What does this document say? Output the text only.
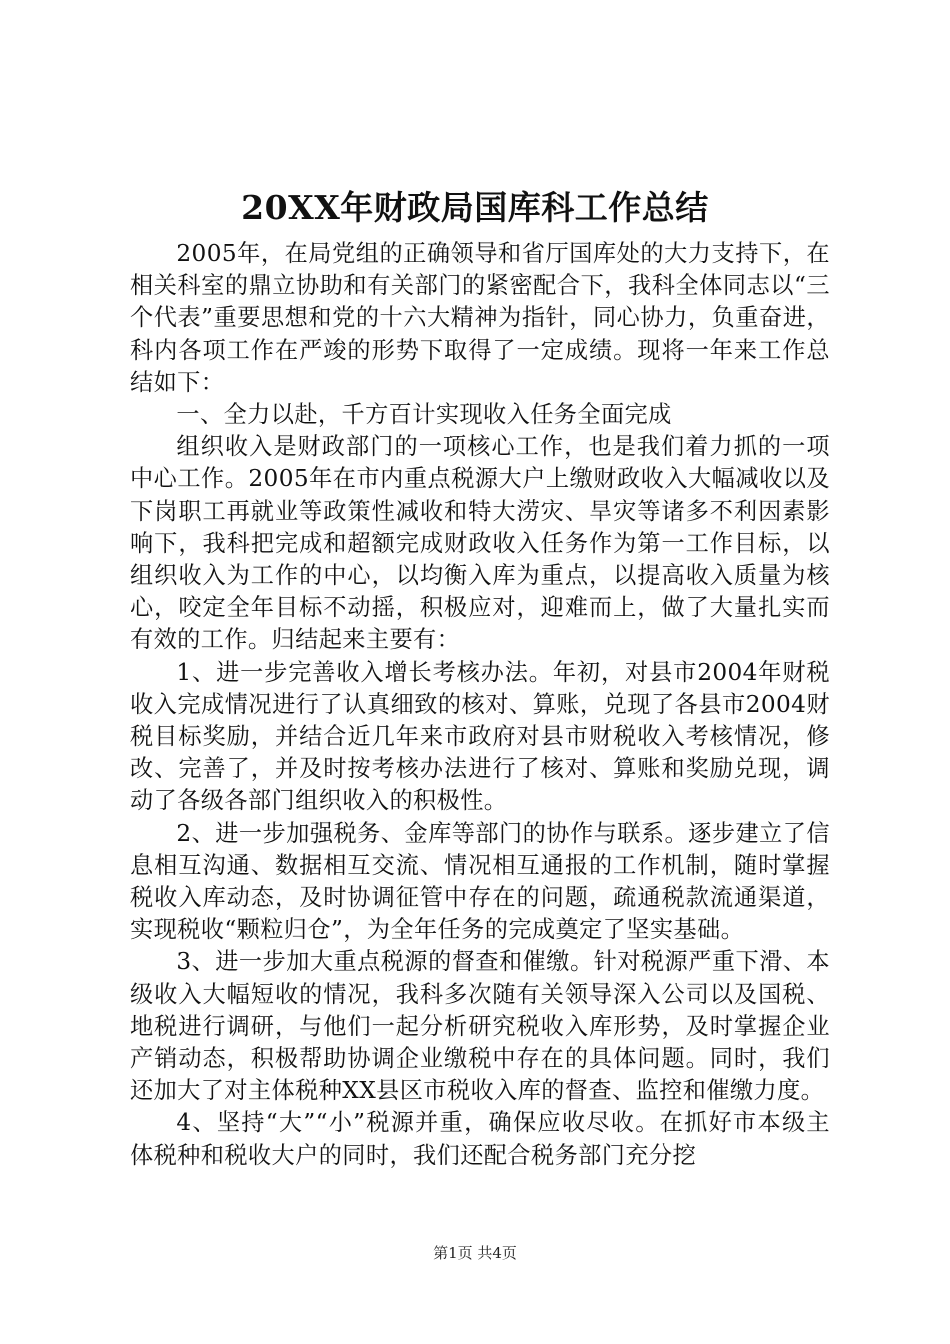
20XX年财政局国库科工作总结

2005年，在局党组的正确领导和省厅国库处的大力支持下，在相关科室的鼎立协助和有关部门的紧密配合下，我科全体同志以“三个代表”重要思想和党的十六大精神为指针，同心协力，负重奋进，科内各项工作在严竣的形势下取得了一定成绩。现将一年来工作总结如下：

一、全力以赴，千方百计实现收入任务全面完成

组织收入是财政部门的一项核心工作，也是我们着力抓的一项中心工作。2005年在市内重点税源大户上缴财政收入大幅减收以及下岗职工再就业等政策性减收和特大涝灾、旱灾等诸多不利因素影响下，我科把完成和超额完成财政收入任务作为第一工作目标，以组织收入为工作的中心，以均衡入库为重点，以提高收入质量为核心，咬定全年目标不动摇，积极应对，迎难而上，做了大量扎实而有效的工作。归结起来主要有：

1、进一步完善收入增长考核办法。年初，对县市2004年财税收入完成情况进行了认真细致的核对、算账，兑现了各县市2004财税目标奖励，并结合近几年来市政府对县市财税收入考核情况，修改、完善了，并及时按考核办法进行了核对、算账和奖励兑现，调动了各级各部门组织收入的积极性。

2、进一步加强税务、金库等部门的协作与联系。逐步建立了信息相互沟通、数据相互交流、情况相互通报的工作机制，随时掌握税收入库动态，及时协调征管中存在的问题，疏通税款流通渠道，实现税收“颗粒归仓”，为全年任务的完成奠定了坚实基础。

3、进一步加大重点税源的督查和催缴。针对税源严重下滑、本级收入大幅短收的情况，我科多次随有关领导深入公司以及国税、地税进行调研，与他们一起分析研究税收入库形势，及时掌握企业产销动态，积极帮助协调企业缴税中存在的具体问题。同时，我们还加大了对主体税种XX县区市税收入库的督查、监控和催缴力度。

4、坚持“大”“小”税源并重，确保应收尽收。在抓好市本级主体税种和税收大户的同时，我们还配合税务部门充分挖

第1页 共4页
